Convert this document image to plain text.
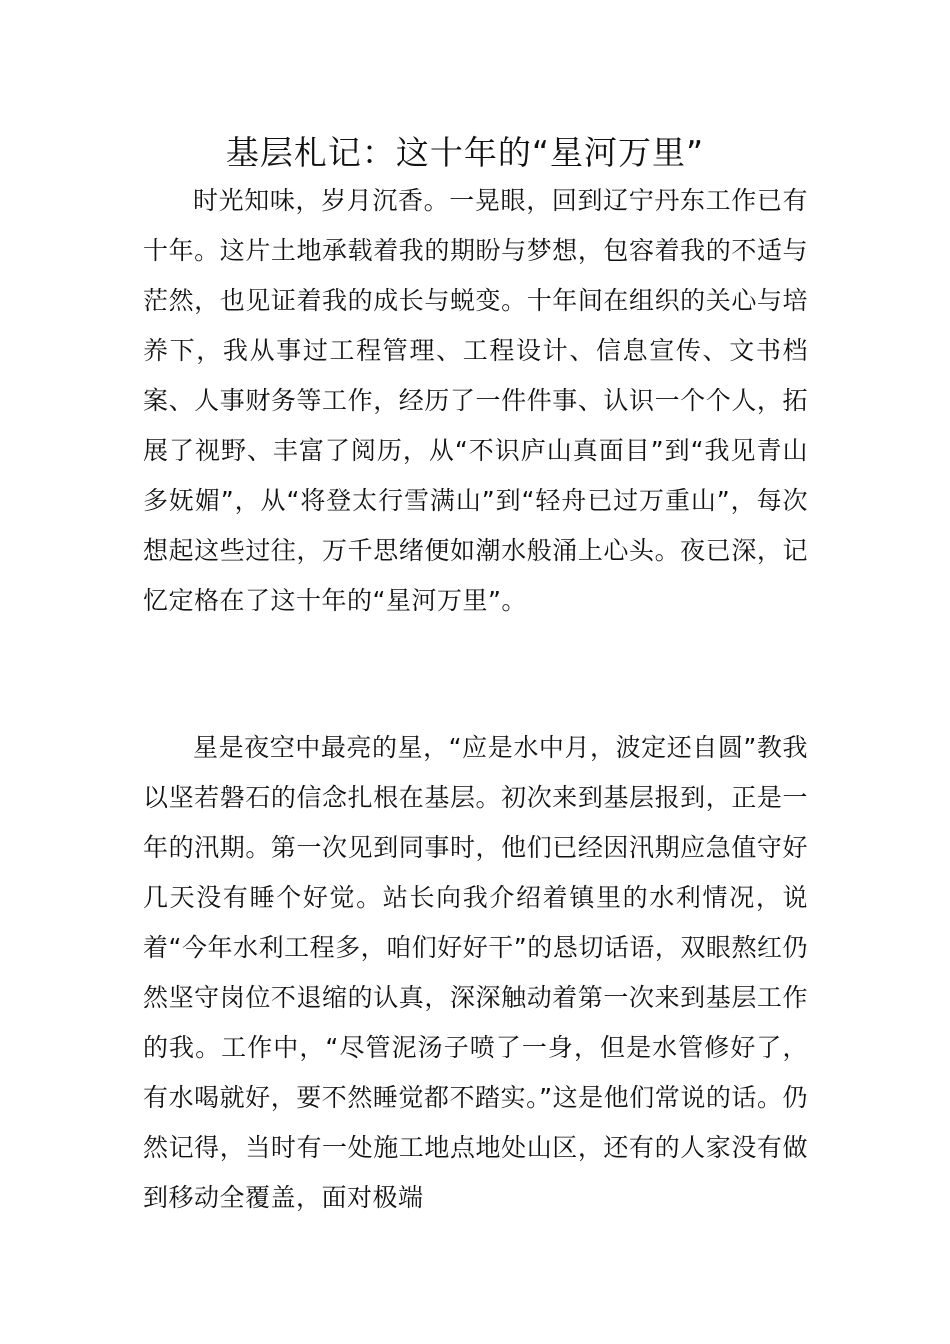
基层札记：这十年的“星河万里”

时光知味，岁月沉香。一晃眼，回到辽宁丹东工作已有十年。这片土地承载着我的期盼与梦想，包容着我的不适与茫然，也见证着我的成长与蜕变。十年间在组织的关心与培养下，我从事过工程管理、工程设计、信息宣传、文书档案、人事财务等工作，经历了一件件事、认识一个个人，拓展了视野、丰富了阅历，从“不识庐山真面目”到“我见青山多妩媚”，从“将登太行雪满山”到“轻舟已过万重山”，每次想起这些过往，万千思绪便如潮水般涌上心头。夜已深，记忆定格在了这十年的“星河万里”。

星是夜空中最亮的星，“应是水中月，波定还自圆”教我以坚若磐石的信念扎根在基层。初次来到基层报到，正是一年的汛期。第一次见到同事时，他们已经因汛期应急值守好几天没有睡个好觉。站长向我介绍着镇里的水利情况，说着“今年水利工程多，咱们好好干”的恳切话语，双眼熬红仍然坚守岗位不退缩的认真，深深触动着第一次来到基层工作的我。工作中，“尽管泥汤子喷了一身，但是水管修好了，有水喝就好，要不然睡觉都不踏实。”这是他们常说的话。仍然记得，当时有一处施工地点地处山区，还有的人家没有做到移动全覆盖，面对极端
